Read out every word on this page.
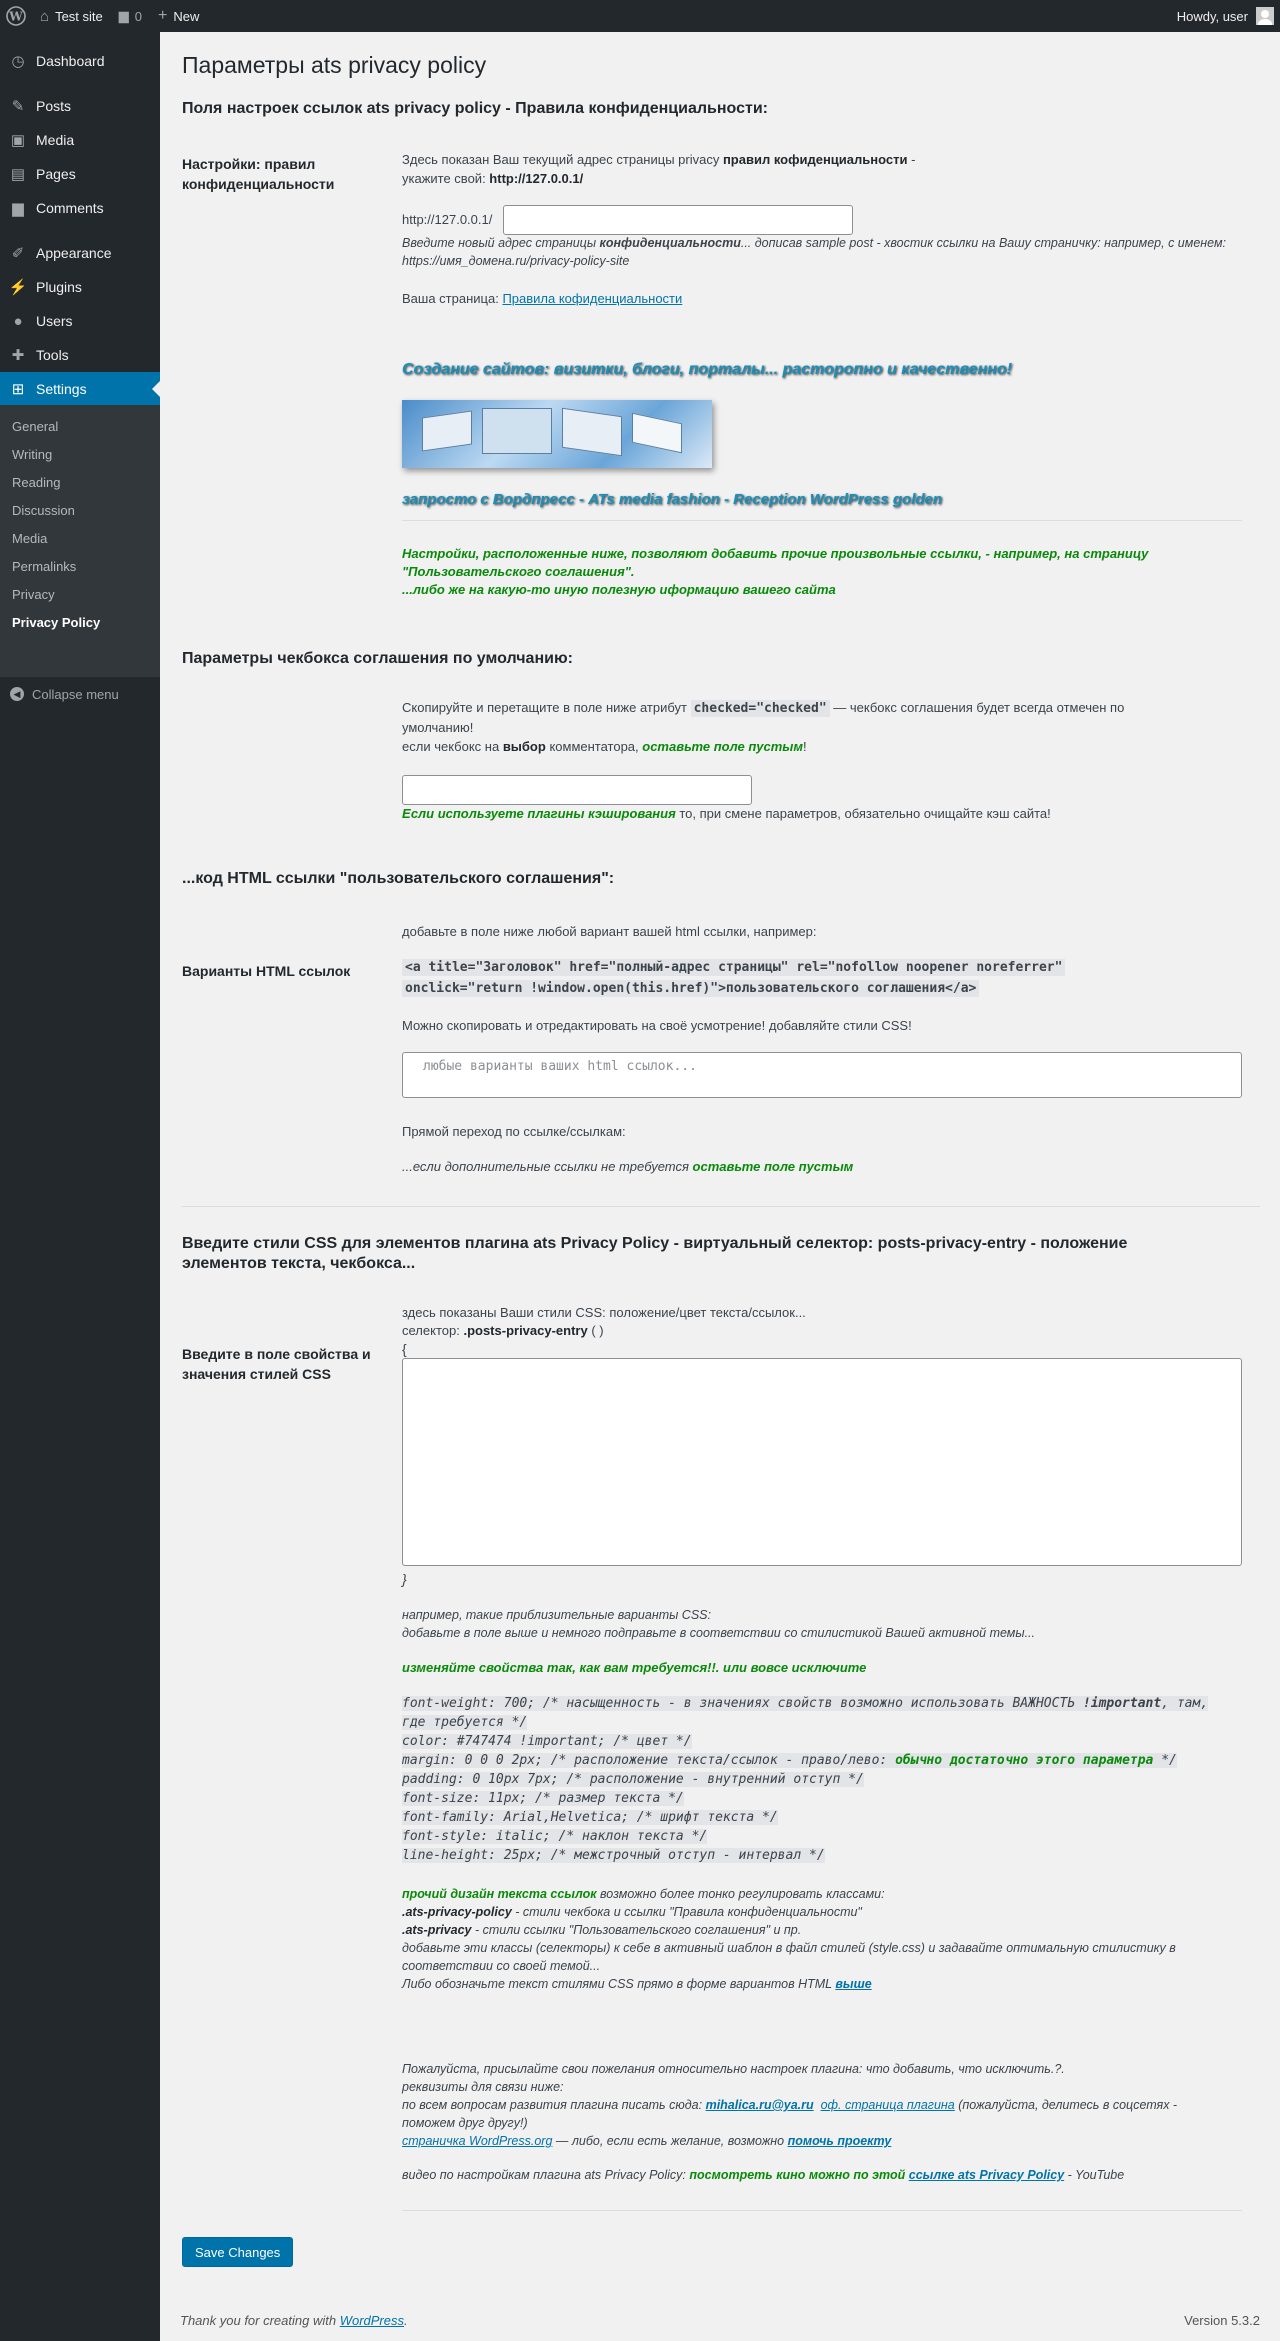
W ⌂ Test site ▆ 0 + New	Howdy, user
◷ Dashboard
✎ Posts
▣ Media
▤ Pages
▆ Comments
✐ Appearance
⚡ Plugins
● Users
✚ Tools
⊞ Settings
General
Writing
Reading
Discussion
Media
Permalinks
Privacy
Privacy Policy
◀ Collapse menu
Параметры ats privacy policy
Поля настроек ссылок ats privacy policy - Правила конфиденциальности:
Настройки: правил конфиденциальности
Здесь показан Ваш текущий адрес страницы privacy правил кофиденциальности -
укажите свой: http://127.0.0.1/
http://127.0.0.1/
Введите новый адрес страницы конфиденциальности... дописав sample post - хвостик ссылки на Вашу страничку: например, с именем: https://имя_домена.ru/privacy-policy-site
Ваша страница: Правила кофиденциальности
Создание сайтов: визитки, блоги, порталы... расторопно и качественно!
запросто с Вордпресс - ATs media fashion - Reception WordPress golden
Настройки, расположенные ниже, позволяют добавить прочие произвольные ссылки, - например, на страницу
"Пользовательского соглашения".
...либо же на какую-то иную полезную иформацию вашего сайта
Параметры чекбокса соглашения по умолчанию:
Скопируйте и перетащите в поле ниже атрибут checked="checked" — чекбокс соглашения будет всегда отмечен по
умолчанию!
если чекбокс на выбор комментатора, оставьте поле пустым!
Если используете плагины кэширования то, при смене параметров, обязательно очищайте кэш сайта!
...код HTML ссылки "пользовательского соглашения":
добавьте в поле ниже любой вариант вашей html ссылки, например:
Варианты HTML ссылок	<a title="Заголовок" href="полный-адрес страницы" rel="nofollow noopener noreferrer"
onclick="return !window.open(this.href)">пользовательского соглашения</a>
Можно скопировать и отредактировать на своё усмотрение! добавляйте стили CSS!
любые варианты ваших html ссылок...
Прямой переход по ссылке/ссылкам:
...если дополнительные ссылки не требуется оставьте поле пустым
Введите стили CSS для элементов плагина ats Privacy Policy - виртуальный селектор: posts-privacy-entry - положение элементов текста, чекбокса...
здесь показаны Ваши стили CSS: положение/цвет текста/ссылок...
селектор: .posts-privacy-entry ( )
{
Введите в поле свойства и значения стилей CSS
}
например, такие приблизительные варианты CSS:
добавьте в поле выше и немного подправьте в соответствии со стилистикой Вашей активной темы...
изменяйте свойства так, как вам требуется!!. или вовсе исключите
font-weight: 700; /* насыщенность - в значениях свойств возможно использовать ВАЖНОСТЬ !important, там,
где требуется */
color: #747474 !important; /* цвет */
margin: 0 0 0 2px; /* расположение текста/ссылок - право/лево: обычно достаточно этого параметра */
padding: 0 10px 7px; /* расположение - внутренний отступ */
font-size: 11px; /* размер текста */
font-family: Arial,Helvetica; /* шрифт текста */
font-style: italic; /* наклон текста */
line-height: 25px; /* межстрочный отступ - интервал */
прочий дизайн текста ссылок возможно более тонко регулировать классами:
.ats-privacy-policy - стили чекбока и ссылки "Правила конфиденциальности"
.ats-privacy - стили ссылки "Пользовательского соглашения" и пр.
добавьте эти классы (селекторы) к себе в активный шаблон в файл стилей (style.css) и задавайте оптимальную стилистику в
соответствии со своей темой...
Либо обозначьте текст стилями CSS прямо в форме вариантов HTML выше
Пожалуйста, присылайте свои пожелания относительно настроек плагина: что добавить, что исключить.?.
реквизиты для связи ниже:
по всем вопросам развития плагина писать сюда: mihalica.ru@ya.ru оф. страница плагина (пожалуйста, делитесь в соцсетях -
поможем друг другу!)
страничка WordPress.org — либо, если есть желание, возможно помочь проекту
видео по настройкам плагина ats Privacy Policy: посмотреть кино можно по этой ссылке ats Privacy Policy - YouTube
Save Changes
Thank you for creating with WordPress.	Version 5.3.2
